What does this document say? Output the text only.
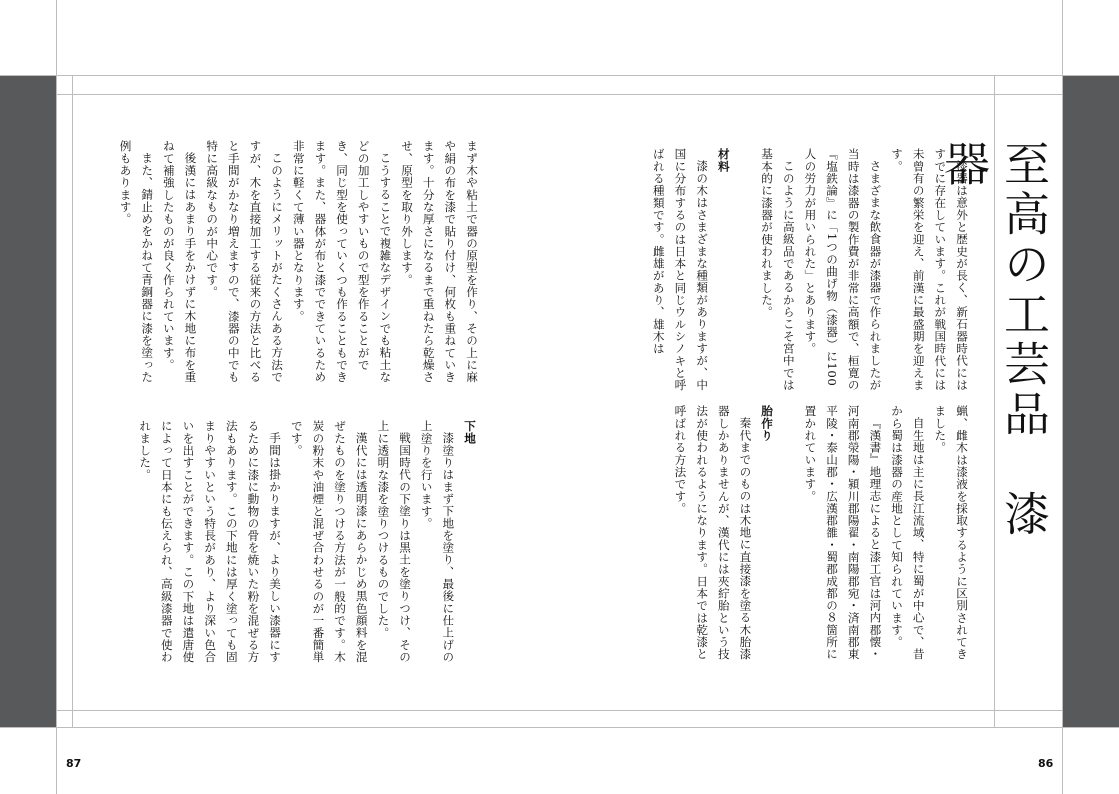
至高の工芸品　漆器

漆器は意外と歴史が長く、新石器時代にはすでに存在しています。これが戦国時代には未曾有の繁栄を迎え、前漢に最盛期を迎えます。

さまざまな飲食器が漆器で作られましたが当時は漆器の製作費が非常に高額で、桓寛の『塩鉄論』に「1つの曲げ物（漆器）に100人の労力が用いられた」とあります。

このように高級品であるからこそ宮中では基本的に漆器が使われました。

材料

漆の木はさまざまな種類がありますが、中国に分布するのは日本と同じウルシノキと呼ばれる種類です。雌雄があり、雄木は

蝋、雌木は漆液を採取するように区別されてきました。

自生地は主に長江流域、特に蜀が中心で、昔から蜀は漆器の産地として知られています。

『漢書』地理志によると漆工官は河内郡懐・河南郡滎陽・潁川郡陽翟・南陽郡宛・済南郡東平陵・泰山郡・広漢郡雒・蜀郡成都の８箇所に置かれています。

胎作り

秦代までのものは木地に直接漆を塗る木胎漆器しかありませんが、漢代には夾紵胎という技法が使われるようになります。日本では乾漆と呼ばれる方法です。

まず木や粘土で器の原型を作り、その上に麻や絹の布を漆で貼り付け、何枚も重ねていきます。十分な厚さになるまで重ねたら乾燥させ、原型を取り外します。

こうすることで複雑なデザインでも粘土などの加工しやすいもので型を作ることができ、同じ型を使っていくつも作ることもできます。また、器体が布と漆でできているため非常に軽くて薄い器となります。

このようにメリットがたくさんある方法ですが、木を直接加工する従来の方法と比べると手間がかなり増えますので、漆器の中でも特に高級なものが中心です。

後漢にはあまり手をかけずに木地に布を重ねて補強したものが良く作られています。

また、錆止めをかねて青銅器に漆を塗った例もあります。

下地

漆塗りはまず下地を塗り、最後に仕上げの上塗りを行います。

戦国時代の下塗りは黒土を塗りつけ、その上に透明な漆を塗りつけるものでした。

漢代には透明漆にあらかじめ黒色顔料を混ぜたものを塗りつける方法が一般的です。木炭の粉末や油煙と混ぜ合わせるのが一番簡単です。

手間は掛かりますが、より美しい漆器にするために漆に動物の骨を焼いた粉を混ぜる方法もあります。この下地には厚く塗っても固まりやすいという特長があり、より深い色合いを出すことができます。この下地は遣唐使によって日本にも伝えられ、高級漆器で使われました。

87	86
